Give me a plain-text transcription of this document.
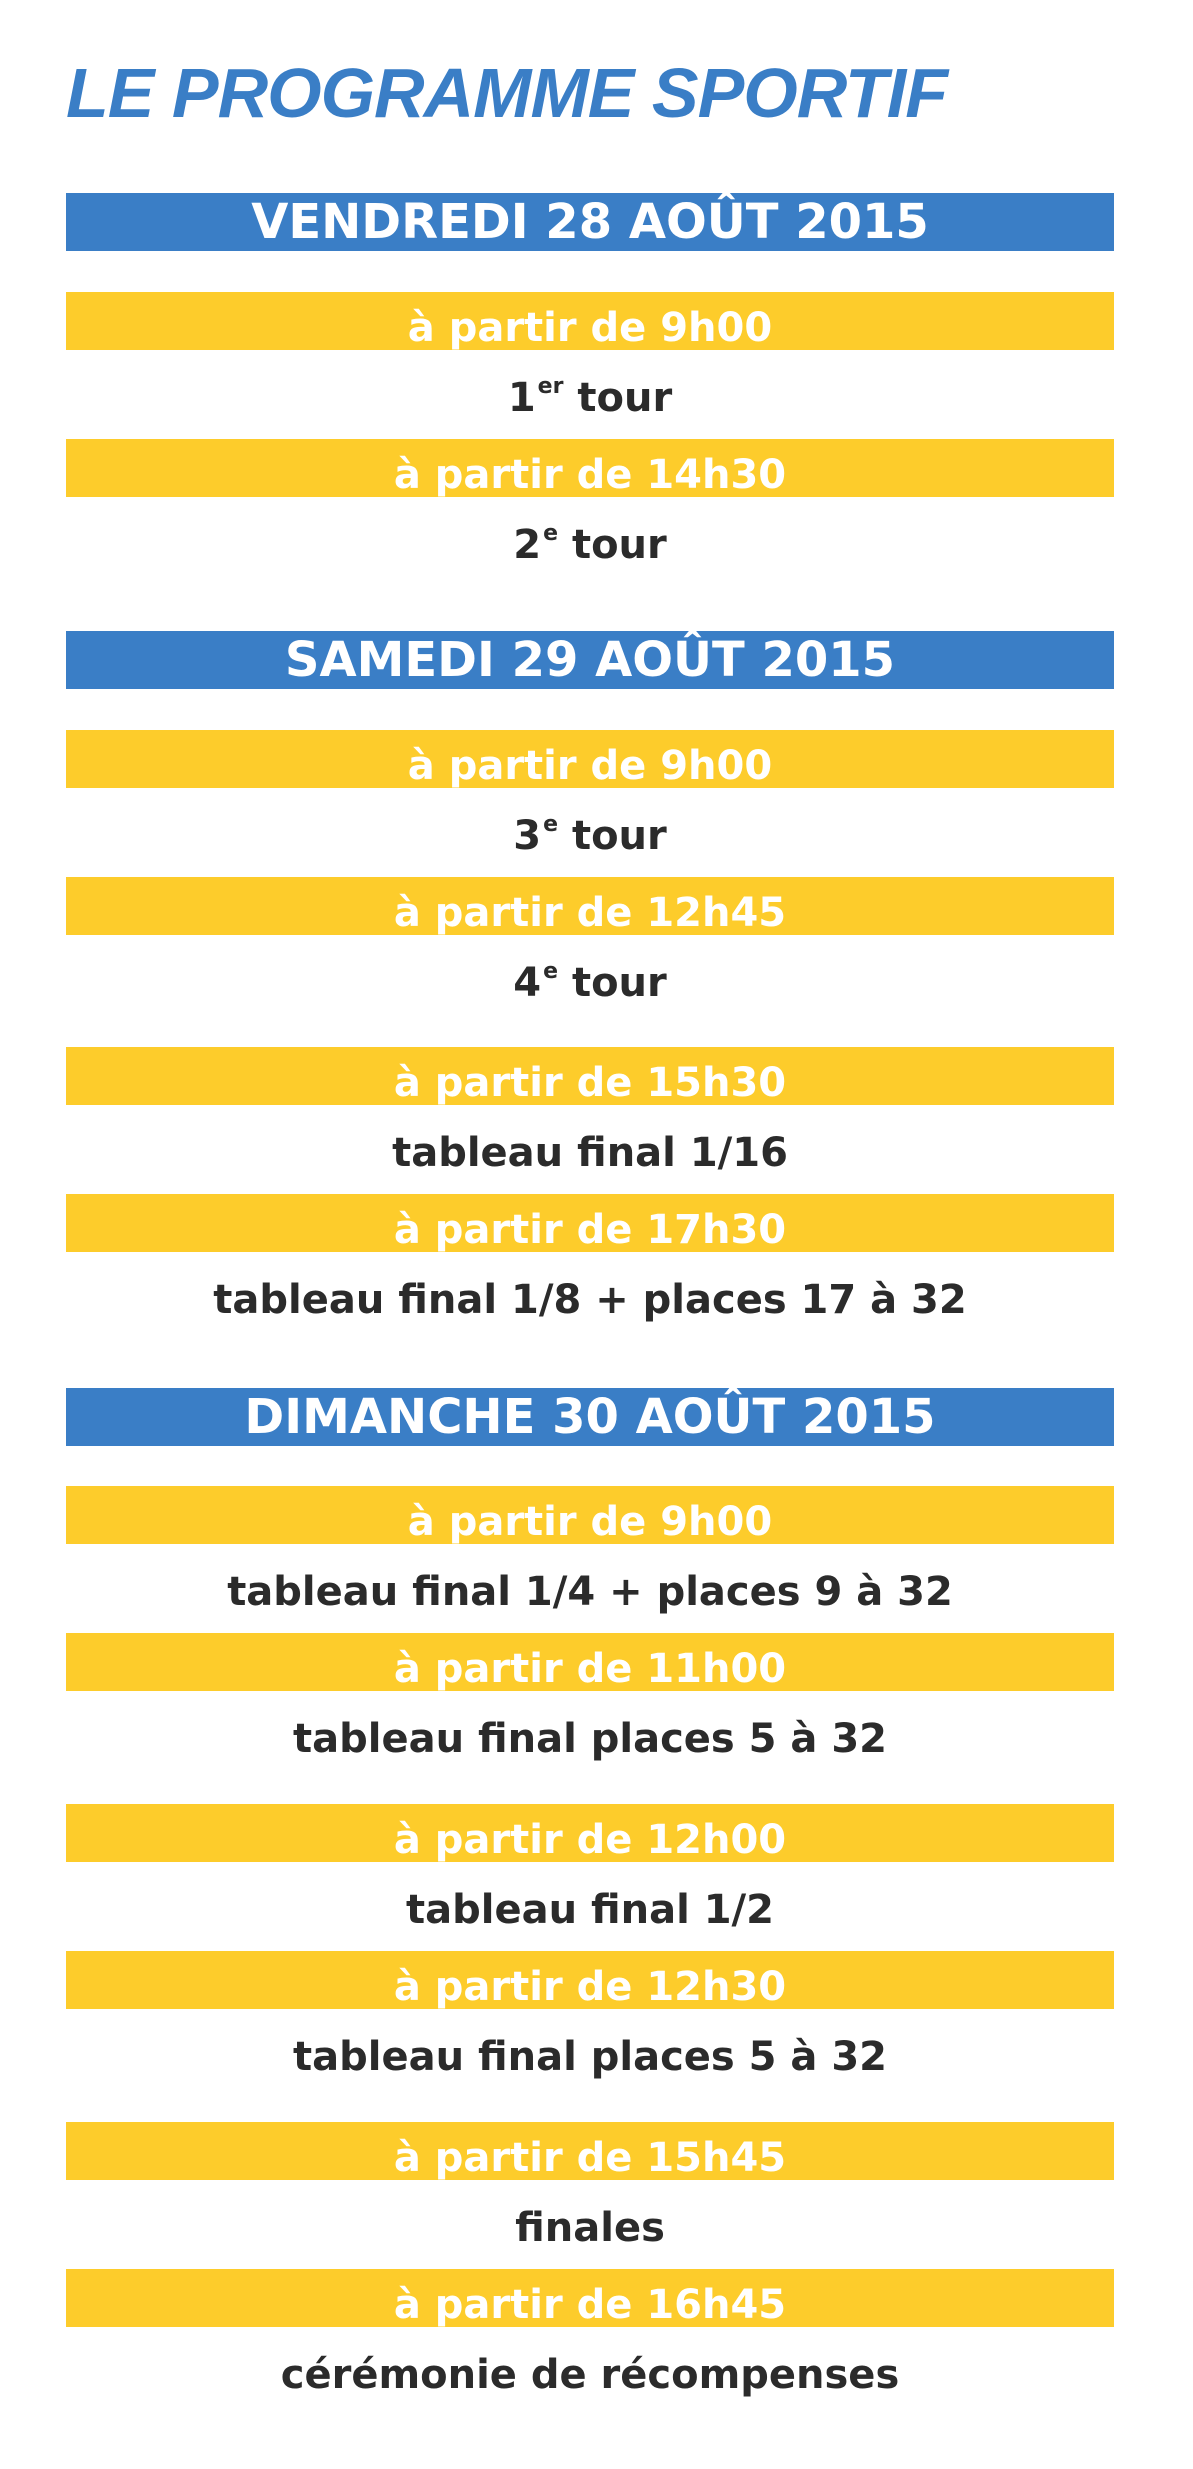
LE PROGRAMME SPORTIF
VENDREDI 28 AOÛT 2015
à partir de 9h00
1er tour
à partir de 14h30
2e tour
SAMEDI 29 AOÛT 2015
à partir de 9h00
3e tour
à partir de 12h45
4e tour
à partir de 15h30
tableau final 1/16
à partir de 17h30
tableau final 1/8 + places 17 à 32
DIMANCHE 30 AOÛT 2015
à partir de 9h00
tableau final 1/4 + places 9 à 32
à partir de 11h00
tableau final places 5 à 32
à partir de 12h00
tableau final 1/2
à partir de 12h30
tableau final places 5 à 32
à partir de 15h45
finales
à partir de 16h45
cérémonie de récompenses
